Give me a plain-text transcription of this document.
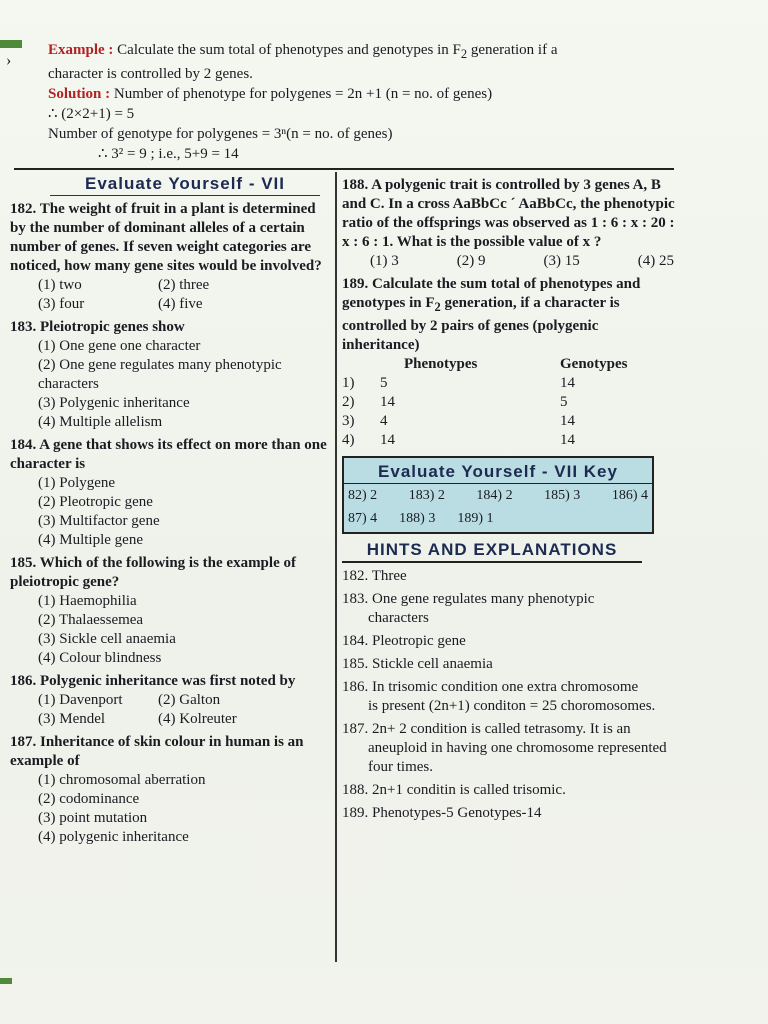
›
Example : Calculate the sum total of phenotypes and genotypes in $F_2$ generation if a
character is controlled by 2 genes.
Solution : Number of phenotype for polygenes = 2n +1 (n = no. of genes)
∴ (2×2+1) = 5
Number of genotype for polygenes = 3ⁿ(n = no. of genes)
∴ 3² = 9 ; i.e., 5+9 = 14
Evaluate Yourself - VII
182. The weight of fruit in a plant is determined by the number of dominant alleles of a certain number of genes. If seven weight categories are noticed, how many gene sites would be involved?
(1) two	(2) three
(3) four	(4) five
183. Pleiotropic genes show
(1) One gene one character
(2) One gene regulates many phenotypic characters
(3) Polygenic inheritance
(4) Multiple allelism
184. A gene that shows its effect on more than one character is
(1) Polygene
(2) Pleotropic gene
(3) Multifactor gene
(4) Multiple gene
185. Which of the following is the example of pleiotropic gene?
(1) Haemophilia
(2) Thalaessemea
(3) Sickle cell anaemia
(4) Colour blindness
186. Polygenic inheritance was first noted by
(1) Davenport	(2) Galton
(3) Mendel	(4) Kolreuter
187. Inheritance of skin colour in human is an example of
(1) chromosomal aberration
(2) codominance
(3) point mutation
(4) polygenic inheritance
188. A polygenic trait is controlled by 3 genes A, B and C. In a cross AaBbCc ´ AaBbCc, the phenotypic ratio of the offsprings was observed as 1 : 6 : x : 20 : x : 6 : 1. What is the possible value of x ?
(1) 3	(2) 9	(3) 15	(4) 25
189. Calculate the sum total of phenotypes and genotypes in $F_2$ generation, if a character is controlled by 2 pairs of genes (polygenic inheritance)
Phenotypes	Genotypes
1)	5	14
2)	14	5
3)	4	14
4)	14	14
Evaluate Yourself - VII Key
82) 2 183) 2 184) 2 185) 3 186) 4
87) 4 188) 3 189) 1
HINTS AND EXPLANATIONS
182. Three
183. One gene regulates many phenotypic
characters
184. Pleotropic gene
185. Stickle cell anaemia
186. In trisomic condition one extra chromosome
is present (2n+1) conditon = 25 choromosomes.
187. 2n+ 2 condition is called tetrasomy. It is an
aneuploid in having one chromosome represented four times.
188. 2n+1 conditin is called trisomic.
189. Phenotypes-5 Genotypes-14
